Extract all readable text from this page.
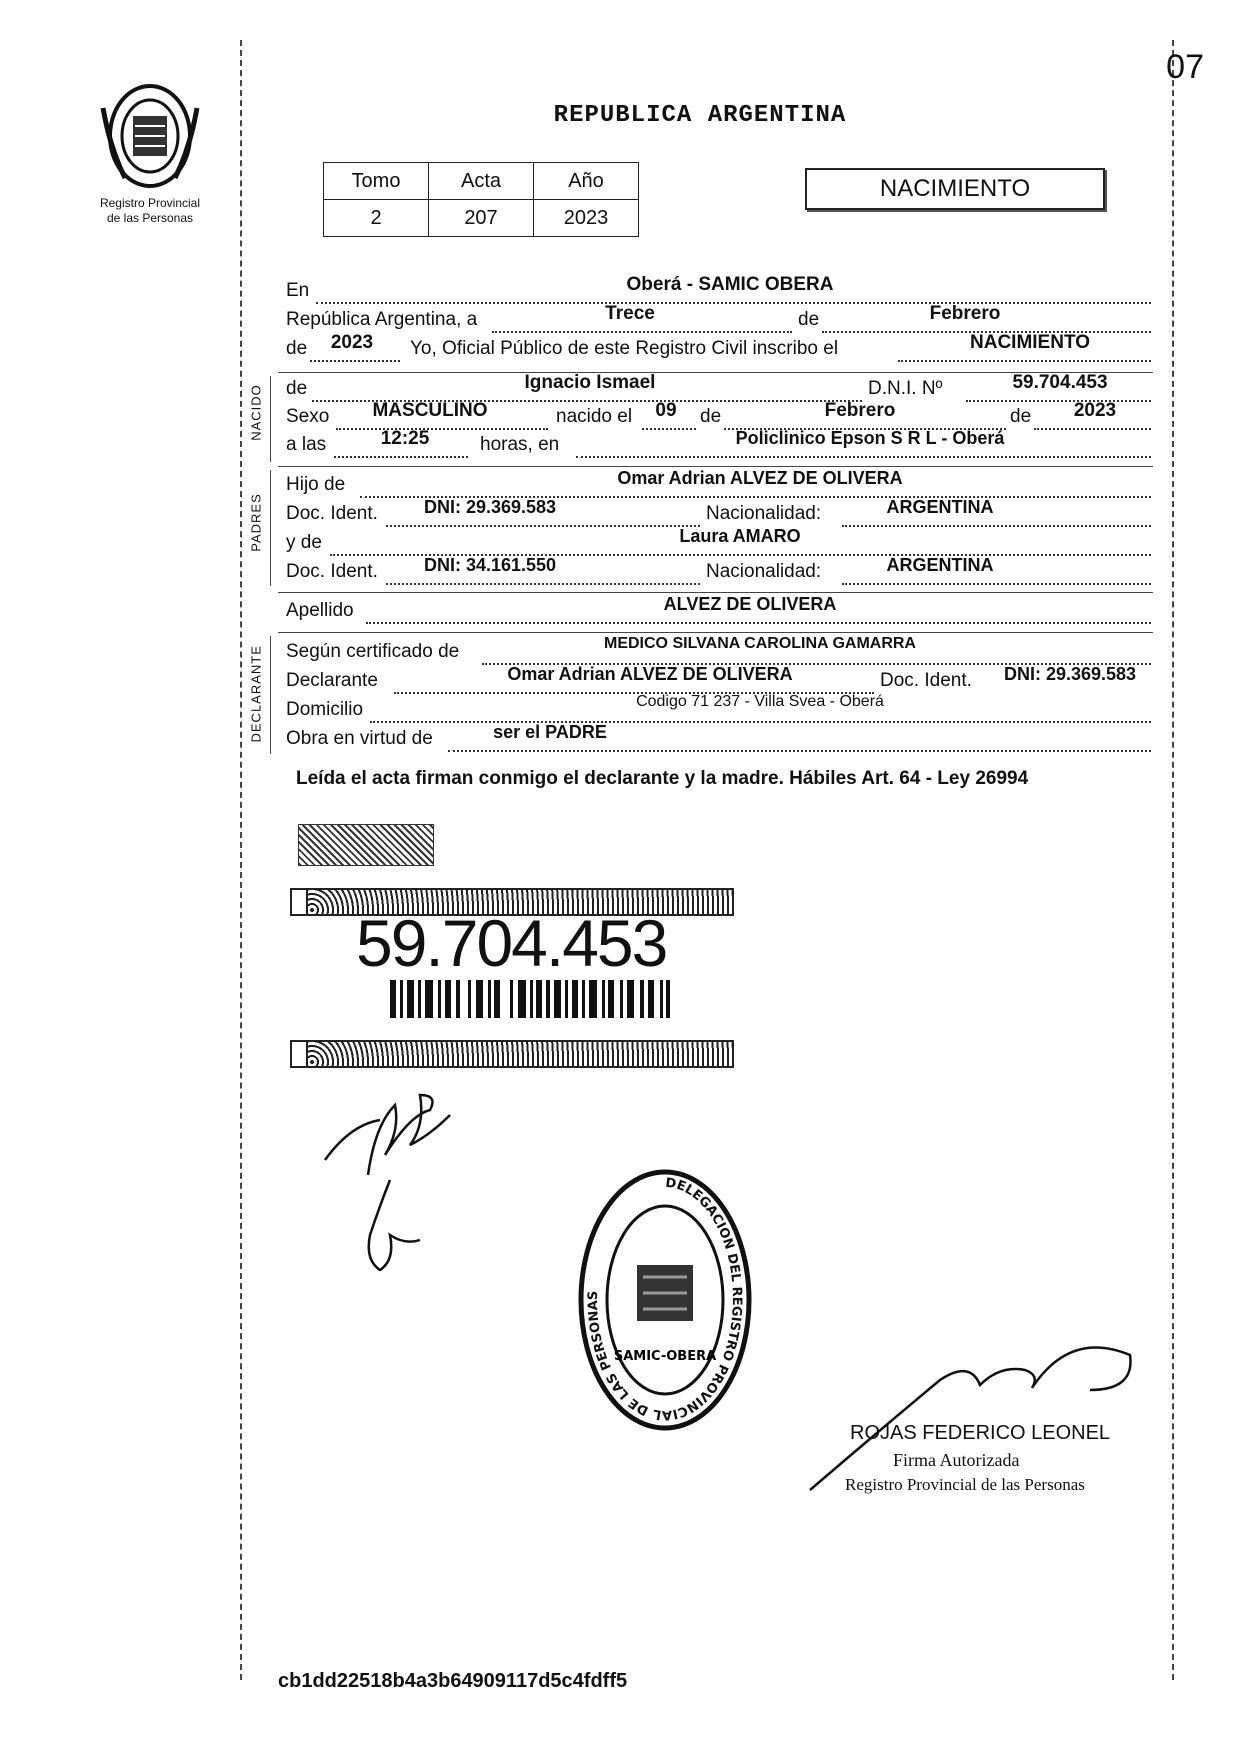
07
REPUBLICA ARGENTINA
Registro Provincial
de las Personas
Tomo	Acta	Año
2	207	2023
NACIMIENTO
En	Oberá - SAMIC OBERA
República Argentina, a	Trece	de	Febrero
de	2023	Yo, Oficial Público de este Registro Civil inscribo el	NACIMIENTO
NACIDO de	Ignacio Ismael	D.N.I. Nº	59.704.453
Sexo	MASCULINO	nacido el	09	de	Febrero	de	2023
a las	12:25	horas, en	Policlinico Epson S R L - Oberá
PADRES
Hijo de	Omar Adrian ALVEZ DE OLIVERA
Doc. Ident.	DNI: 29.369.583	Nacionalidad:	ARGENTINA
y de	Laura AMARO
Doc. Ident.	DNI: 34.161.550	Nacionalidad:	ARGENTINA
Apellido	ALVEZ DE OLIVERA
DECLARANTE Según certificado de	MEDICO SILVANA CAROLINA GAMARRA
Declarante	Omar Adrian ALVEZ DE OLIVERA	Doc. Ident.	DNI: 29.369.583
Domicilio	Codigo 71 237 - Villa Svea - Oberá
Obra en virtud de	ser el PADRE
Leída el acta firman conmigo el declarante y la madre. Hábiles Art. 64 - Ley 26994
59.704.453
DELEGACION DEL REGISTRO PROVINCIAL DE LAS PERSONAS
SAMIC-OBERA
ROJAS FEDERICO LEONEL
Firma Autorizada
Registro Provincial de las Personas
cb1dd22518b4a3b64909117d5c4fdff5
